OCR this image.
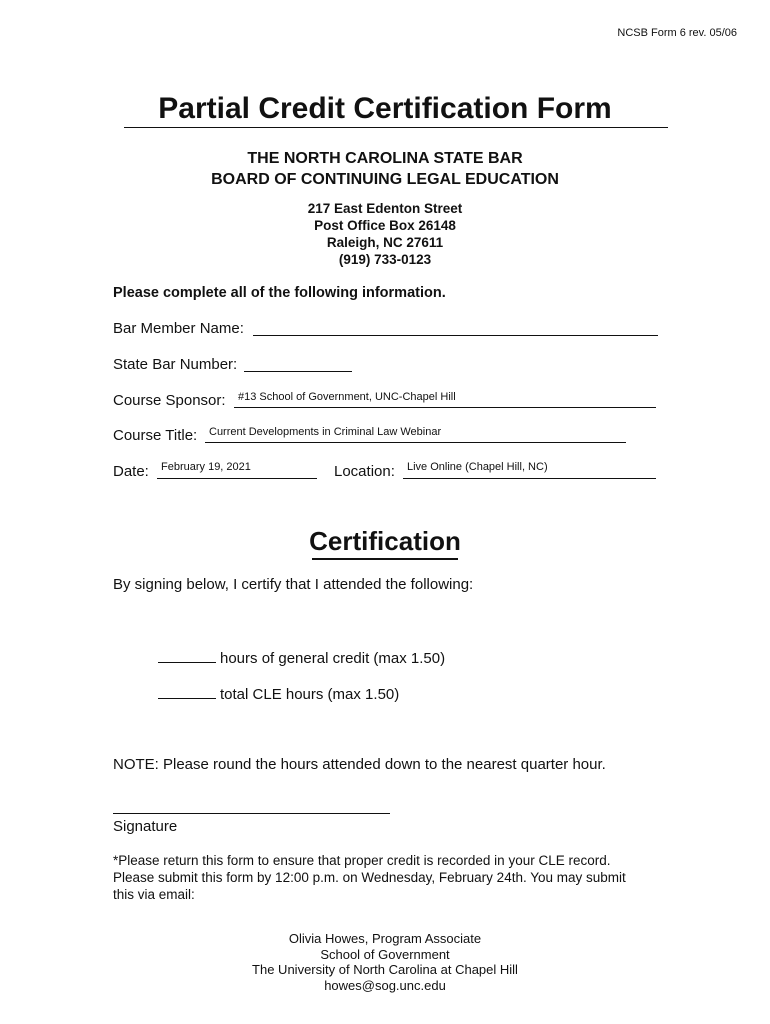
NCSB Form 6 rev. 05/06
Partial Credit Certification Form
THE NORTH CAROLINA STATE BAR
BOARD OF CONTINUING LEGAL EDUCATION
217 East Edenton Street
Post Office Box 26148
Raleigh, NC 27611
(919) 733-0123
Please complete all of the following information.
Bar Member Name:
State Bar Number:
Course Sponsor: #13 School of Government, UNC-Chapel Hill
Course Title: Current Developments in Criminal Law Webinar
Date: February 19, 2021	Location: Live Online (Chapel Hill, NC)
Certification
By signing below, I certify that I attended the following:
hours of general credit (max 1.50)
total CLE hours (max 1.50)
NOTE: Please round the hours attended down to the nearest quarter hour.
Signature
*Please return this form to ensure that proper credit is recorded in your CLE record. Please submit this form by 12:00 p.m. on Wednesday, February 24th. You may submit this via email:
Olivia Howes, Program Associate
School of Government
The University of North Carolina at Chapel Hill
howes@sog.unc.edu
